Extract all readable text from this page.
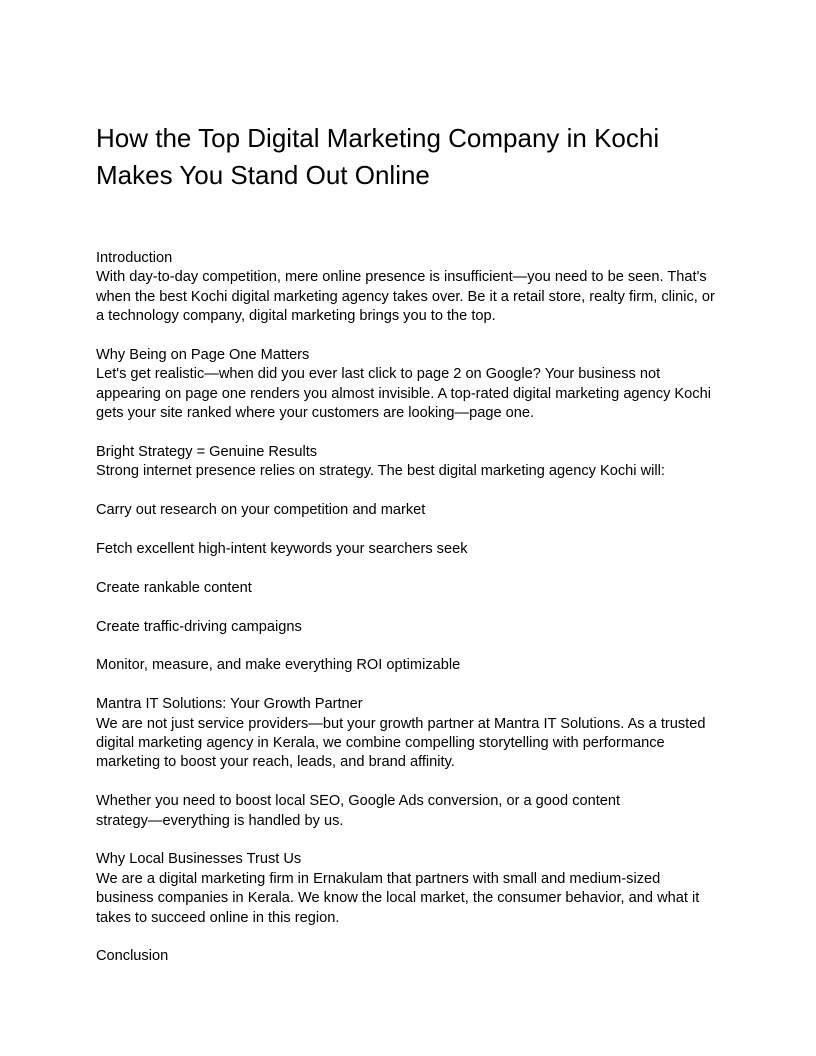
How the Top Digital Marketing Company in Kochi
Makes You Stand Out Online
Introduction
With day-to-day competition, mere online presence is insufficient—you need to be seen. That's
when the best Kochi digital marketing agency takes over. Be it a retail store, realty firm, clinic, or
a technology company, digital marketing brings you to the top.
Why Being on Page One Matters
Let's get realistic—when did you ever last click to page 2 on Google? Your business not
appearing on page one renders you almost invisible. A top-rated digital marketing agency Kochi
gets your site ranked where your customers are looking—page one.
Bright Strategy = Genuine Results
Strong internet presence relies on strategy. The best digital marketing agency Kochi will:
Carry out research on your competition and market
Fetch excellent high-intent keywords your searchers seek
Create rankable content
Create traffic-driving campaigns
Monitor, measure, and make everything ROI optimizable
Mantra IT Solutions: Your Growth Partner
We are not just service providers—but your growth partner at Mantra IT Solutions. As a trusted
digital marketing agency in Kerala, we combine compelling storytelling with performance
marketing to boost your reach, leads, and brand affinity.
Whether you need to boost local SEO, Google Ads conversion, or a good content
strategy—everything is handled by us.
Why Local Businesses Trust Us
We are a digital marketing firm in Ernakulam that partners with small and medium-sized
business companies in Kerala. We know the local market, the consumer behavior, and what it
takes to succeed online in this region.
Conclusion
